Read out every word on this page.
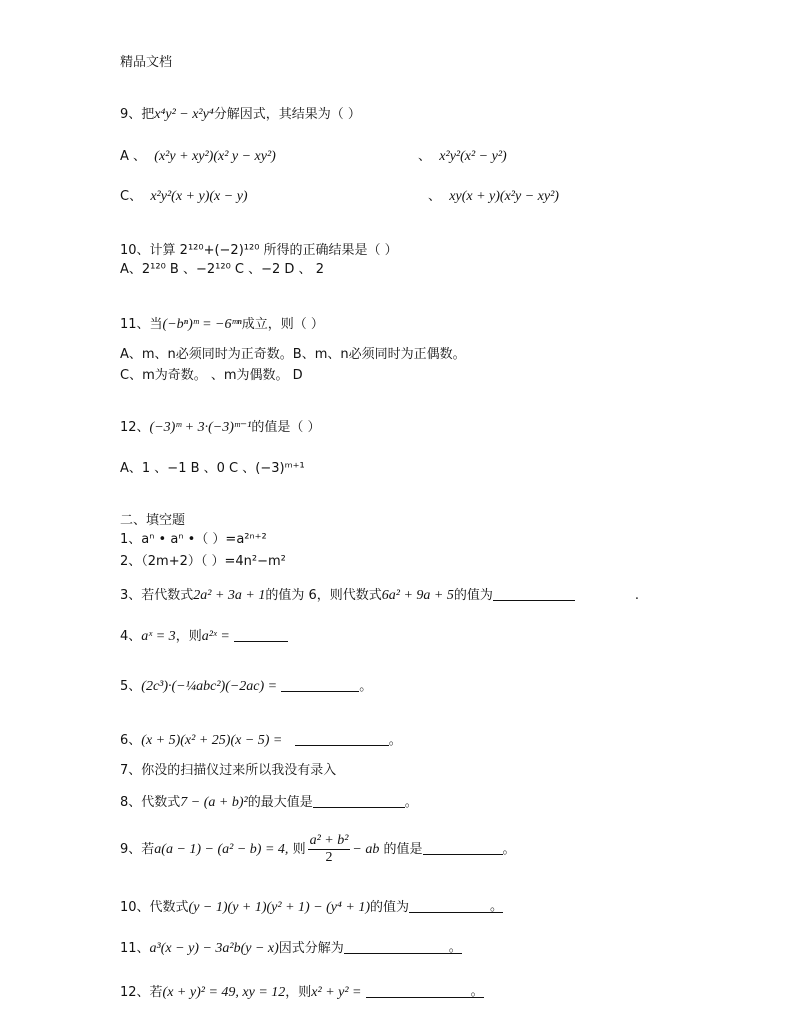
精品文档
9、把x⁴y² − x²y⁴分解因式，其结果为（ ）
A 、 (x²y + xy²)(x² y − xy²)	、 x²y²(x² − y²)
C、 x²y²(x + y)(x − y)	、 xy(x + y)(x²y − xy²)
10、计算 2¹²⁰+(−2)¹²⁰ 所得的正确结果是（ ）
A、2¹²⁰ B 、−2¹²⁰ C 、−2 D 、 2
11、当(−bⁿ)ᵐ = −6ᵐⁿ成立，则（ ）
A、m、n必须同时为正奇数。B、m、n必须同时为正偶数。
C、m为奇数。 、m为偶数。 D
12、(−3)ᵐ + 3·(−3)ᵐ⁻¹的值是（ ）
A、1 、−1 B 、0 C 、(−3)ᵐ⁺¹
二、填空题
1、aⁿ • aⁿ •（ ）=a²ⁿ⁺²
2、（2m+2）（ ）=4n²−m²
3、若代数式2a² + 3a + 1的值为 6，则代数式6a² + 9a + 5的值为	.
4、aˣ = 3，则a²ˣ =
5、(2c³)·(−¼abc²)(−2ac) =	。
6、(x + 5)(x² + 25)(x − 5) =	。
7、你没的扫描仪过来所以我没有录入
8、代数式7 − (a + b)²的最大值是	。
9、若a(a − 1) − (a² − b) = 4, 则 $\frac{\text{a² + b²}}{2}$ − ab 的值是	。
10、代数式(y − 1)(y + 1)(y² + 1) − (y⁴ + 1)的值为	。
11、a³(x − y) − 3a²b(y − x)因式分解为	。
12、若(x + y)² = 49, xy = 12，则x² + y² =	。
